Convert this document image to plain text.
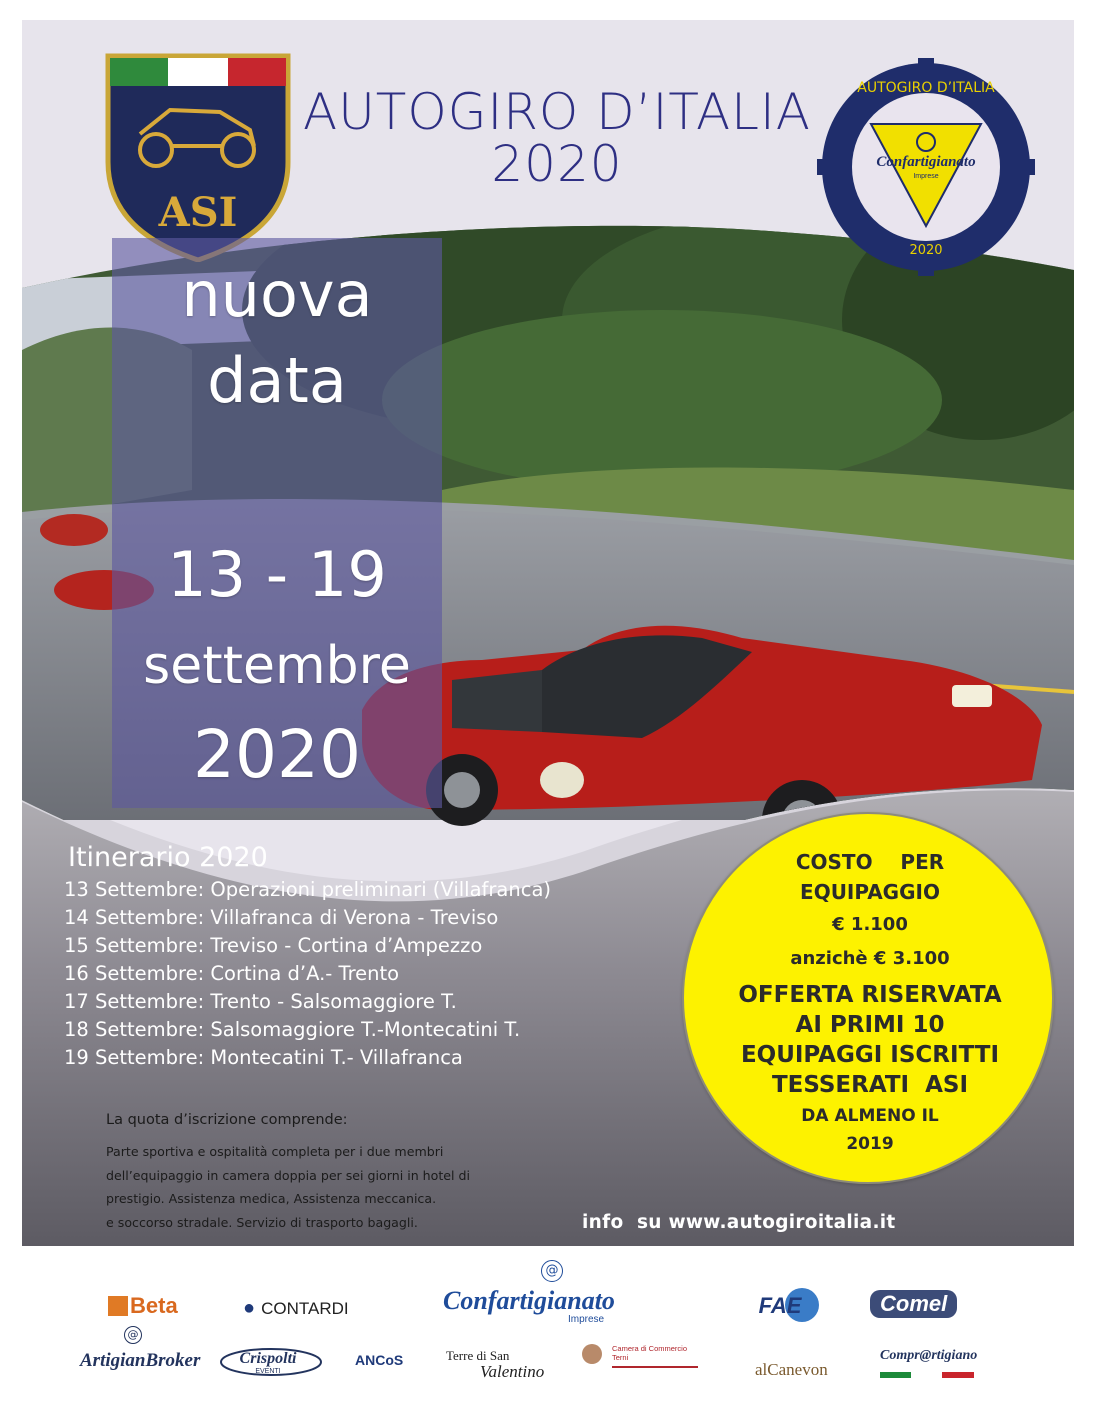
ASI
Confartigianato
Imprese
AUTOGIRO D’ITALIA
2020
AUTOGIRO D’ITALIA
2020
nuova
data
13 - 19
settembre
2020
Itinerario 2020
13 Settembre: Operazioni preliminari (Villafranca)
14 Settembre: Villafranca di Verona - Treviso
15 Settembre: Treviso - Cortina d’Ampezzo
16 Settembre: Cortina d’A.- Trento
17 Settembre: Trento - Salsomaggiore T.
18 Settembre: Salsomaggiore T.-Montecatini T.
19 Settembre: Montecatini T.- Villafranca
La quota d’iscrizione comprende:
Parte sportiva e ospitalità completa per i due membri
dell’equipaggio in camera doppia per sei giorni in hotel di
prestigio. Assistenza medica, Assistenza meccanica.
e soccorso stradale. Servizio di trasporto bagagli.
COSTO    PER
EQUIPAGGIO
€ 1.100
anzichè € 3.100
OFFERTA RISERVATA
AI PRIMI 10
EQUIPAGGI ISCRITTI
TESSERATI  ASI
DA ALMENO IL
2019
info  su www.autogiroitalia.it
Beta	● CONTARDI
@
Confartigianato
Imprese
FAE	Comel
@
ArtigianBroker Crispolti
EVENTI
ANCoS	Terre di San
Valentino
Camera di Commercio
Terni
alCanevon
Compr@rtigiano
